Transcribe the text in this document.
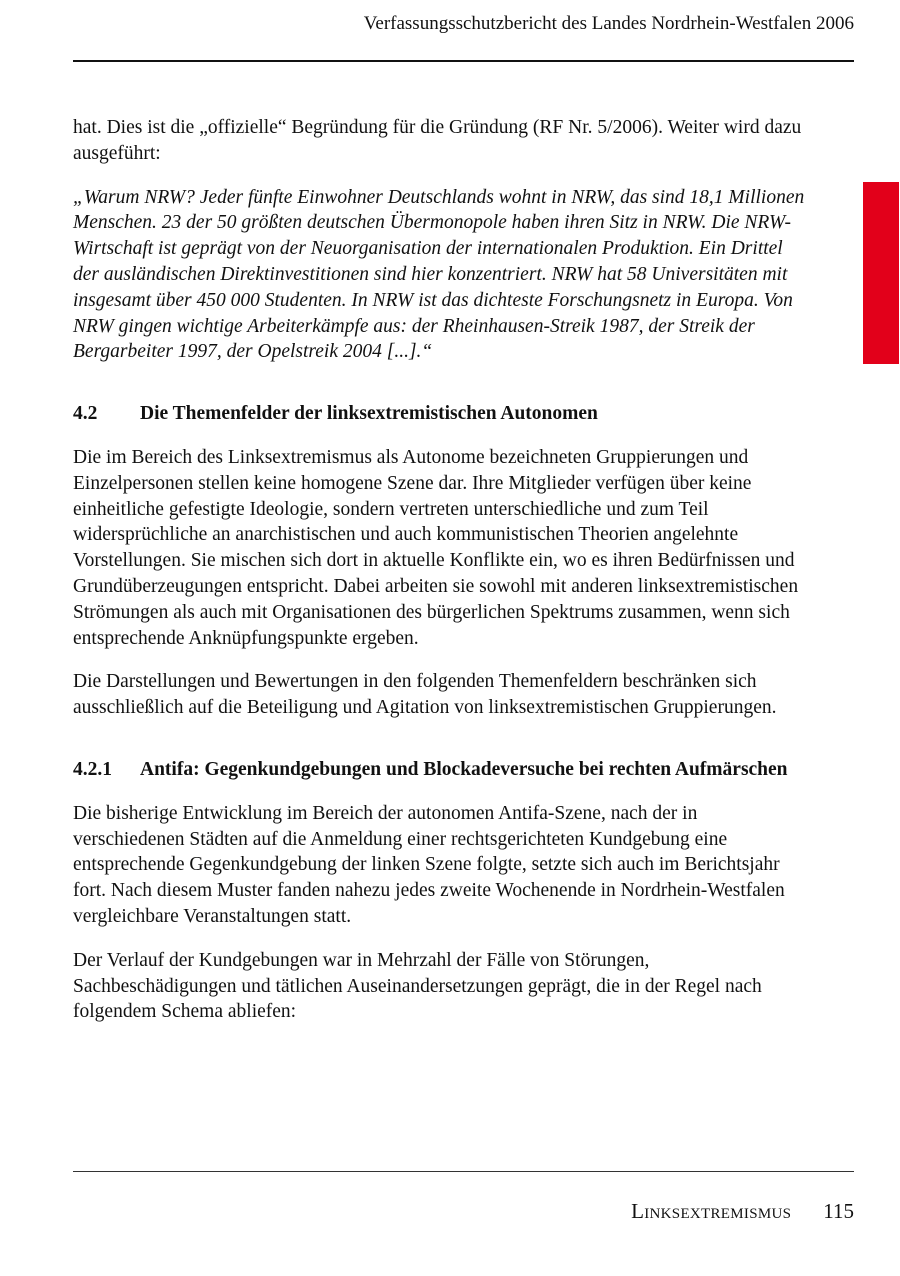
Verfassungsschutzbericht des Landes Nordrhein-Westfalen 2006

hat. Dies ist die „offizielle“ Begründung für die Gründung (RF Nr. 5/2006). Weiter wird dazu ausgeführt:

„Warum NRW? Jeder fünfte Einwohner Deutschlands wohnt in NRW, das sind 18,1 Millionen Menschen. 23 der 50 größten deutschen Übermonopole haben ihren Sitz in NRW. Die NRW-Wirtschaft ist geprägt von der Neuorganisation der internationalen Produktion. Ein Drittel der ausländischen Direktinvestitionen sind hier konzentriert. NRW hat 58 Universitäten mit insgesamt über 450 000 Studenten. In NRW ist das dichteste Forschungsnetz in Europa. Von NRW gingen wichtige Arbeiterkämpfe aus: der Rheinhausen-Streik 1987, der Streik der Bergarbeiter 1997, der Opelstreik 2004 [...].“

4.2	Die Themenfelder der linksextremistischen Autonomen

Die im Bereich des Linksextremismus als Autonome bezeichneten Gruppierungen und Einzelpersonen stellen keine homogene Szene dar. Ihre Mitglieder verfügen über keine einheitliche gefestigte Ideologie, sondern vertreten unterschiedliche und zum Teil widersprüchliche an anarchistischen und auch kommunistischen Theorien angelehnte Vorstellungen. Sie mischen sich dort in aktuelle Konflikte ein, wo es ihren Bedürfnissen und Grundüberzeugungen entspricht. Dabei arbeiten sie sowohl mit anderen linksextremistischen Strömungen als auch mit Organisationen des bürgerlichen Spektrums zusammen, wenn sich entsprechende Anknüpfungspunkte ergeben.

Die Darstellungen und Bewertungen in den folgenden Themenfeldern beschränken sich ausschließlich auf die Beteiligung und Agitation von linksextremistischen Gruppierungen.

4.2.1	Antifa: Gegenkundgebungen und Blockadeversuche bei rechten Aufmärschen

Die bisherige Entwicklung im Bereich der autonomen Antifa-Szene, nach der in verschiedenen Städten auf die Anmeldung einer rechtsgerichteten Kundgebung eine entsprechende Gegenkundgebung der linken Szene folgte, setzte sich auch im Berichtsjahr fort. Nach diesem Muster fanden nahezu jedes zweite Wochenende in Nordrhein-Westfalen vergleichbare Veranstaltungen statt.

Der Verlauf der Kundgebungen war in Mehrzahl der Fälle von Störungen, Sachbeschädigungen und tätlichen Auseinandersetzungen geprägt, die in der Regel nach folgendem Schema abliefen:

Linksextremismus 115
